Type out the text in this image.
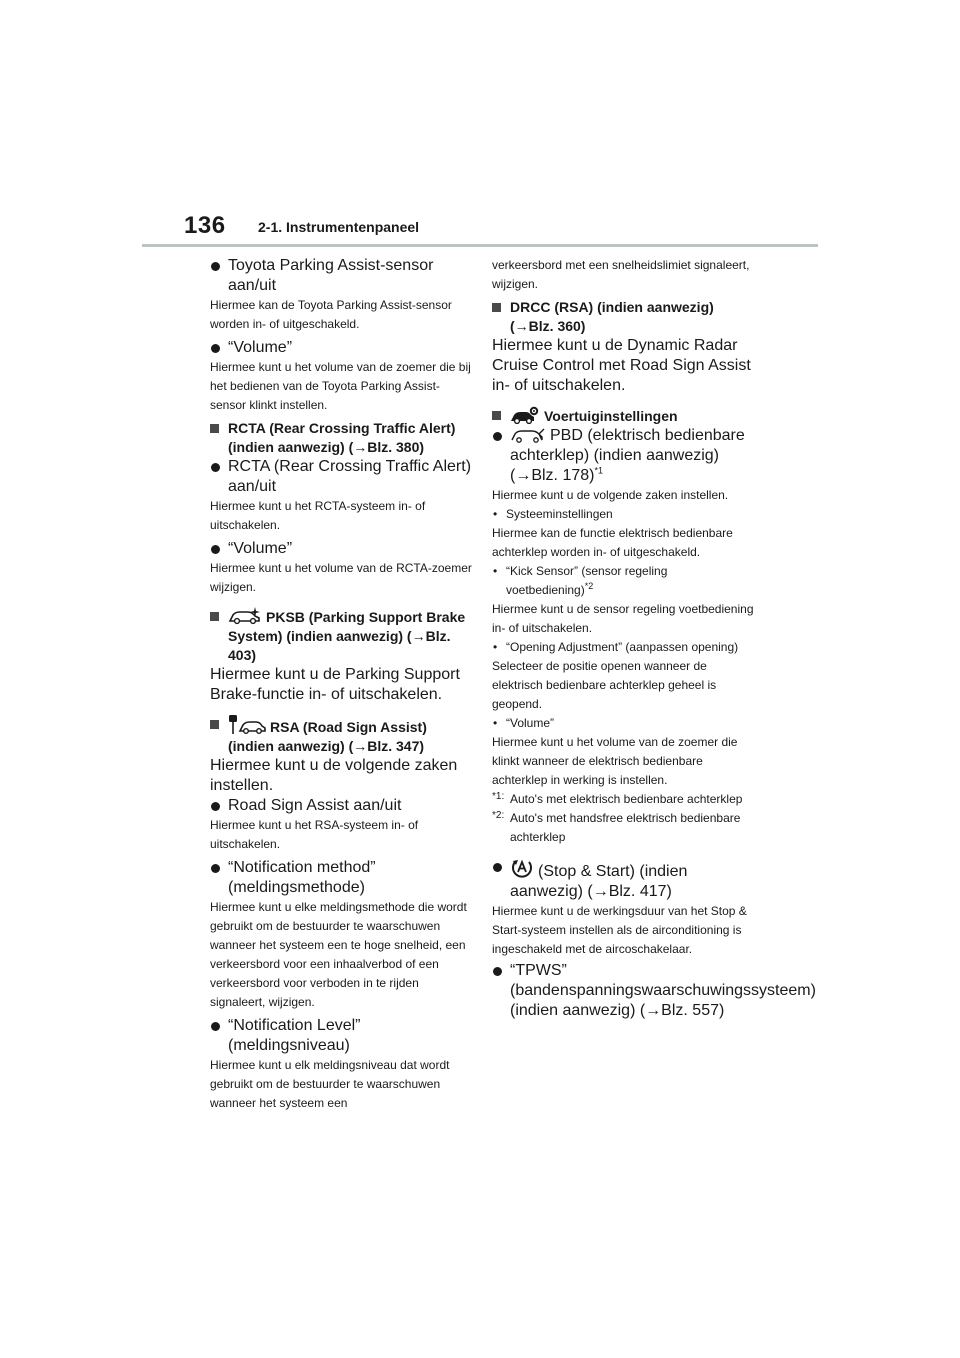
136 2-1. Instrumentenpaneel
Toyota Parking Assist-sensor aan/uit
Hiermee kan de Toyota Parking Assist-sensor worden in- of uitgeschakeld.
“Volume”
Hiermee kunt u het volume van de zoemer die bij het bedienen van de Toyota Parking Assist-sensor klinkt instellen.
RCTA (Rear Crossing Traffic Alert) (indien aanwezig) (→Blz. 380)
RCTA (Rear Crossing Traffic Alert) aan/uit
Hiermee kunt u het RCTA-systeem in- of uitschakelen.
“Volume”
Hiermee kunt u het volume van de RCTA-zoemer wijzigen.
PKSB (Parking Support Brake System) (indien aanwezig) (→Blz. 403)
Hiermee kunt u de Parking Support Brake-functie in- of uitschakelen.
RSA (Road Sign Assist) (indien aanwezig) (→Blz. 347)
Hiermee kunt u de volgende zaken instellen.
Road Sign Assist aan/uit
Hiermee kunt u het RSA-systeem in- of uitschakelen.
“Notification method” (meldingsmethode)
Hiermee kunt u elke meldingsmethode die wordt gebruikt om de bestuurder te waarschuwen wanneer het systeem een te hoge snelheid, een verkeersbord voor een inhaalverbod of een verkeersbord voor verboden in te rijden signaleert, wijzigen.
“Notification Level” (meldingsniveau)
Hiermee kunt u elk meldingsniveau dat wordt gebruikt om de bestuurder te waarschuwen wanneer het systeem een
verkeersbord met een snelheidslimiet signaleert, wijzigen.
DRCC (RSA) (indien aanwezig) (→Blz. 360)
Hiermee kunt u de Dynamic Radar Cruise Control met Road Sign Assist in- of uitschakelen.
Voertuiginstellingen
PBD (elektrisch bedienbare achterklep) (indien aanwezig) (→Blz. 178)$^{*1}$
Hiermee kunt u de volgende zaken instellen.
• Systeeminstellingen
Hiermee kan de functie elektrisch bedienbare achterklep worden in- of uitgeschakeld.
• “Kick Sensor” (sensor regeling voetbediening)$^{*2}$
Hiermee kunt u de sensor regeling voetbediening in- of uitschakelen.
• “Opening Adjustment” (aanpassen opening)
Selecteer de positie openen wanneer de elektrisch bedienbare achterklep geheel is geopend.
• “Volume”
Hiermee kunt u het volume van de zoemer die klinkt wanneer de elektrisch bedienbare achterklep in werking is instellen.
*1: Auto's met elektrisch bedienbare achterklep
*2: Auto's met handsfree elektrisch bedienbare achterklep
(Stop & Start) (indien aanwezig) (→Blz. 417)
Hiermee kunt u de werkingsduur van het Stop & Start-systeem instellen als de airconditioning is ingeschakeld met de aircoschakelaar.
“TPWS” (bandenspanningswaarschuwingssysteem) (indien aanwezig) (→Blz. 557)
